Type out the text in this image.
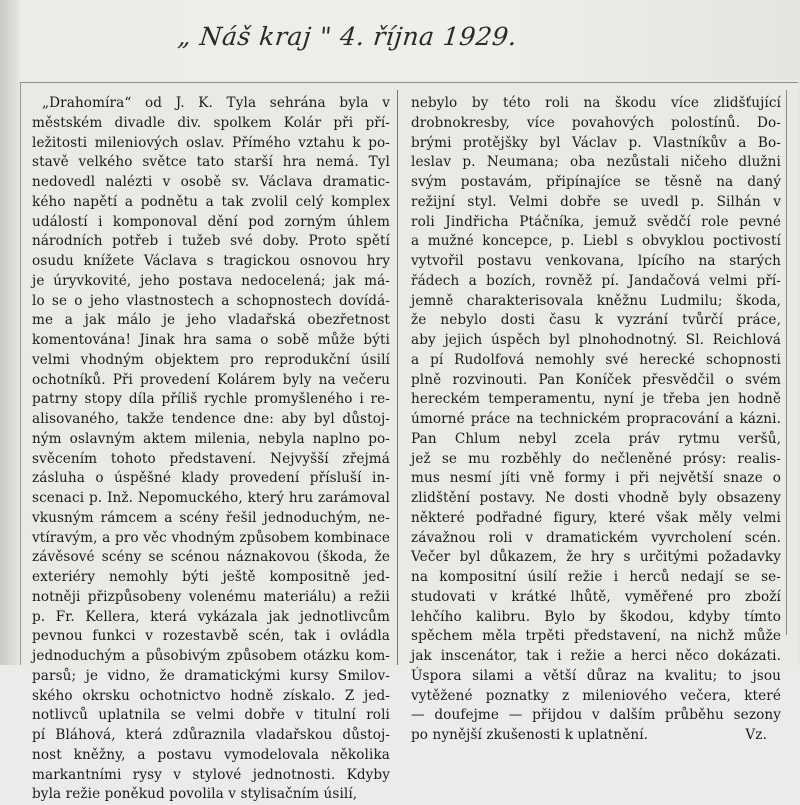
„ Náš kraj " 4. října 1929.
„Drahomíra“ od J. K. Tyla sehrána byla v
městském divadle div. spolkem Kolár při pří-
ležitosti mileniových oslav. Přímého vztahu k po-
stavě velkého světce tato starší hra nemá. Tyl
nedovedl nalézti v osobě sv. Václava dramatic-
kého napětí a podnětu a tak zvolil celý komplex
událostí i komponoval dění pod zorným úhlem
národních potřeb i tužeb své doby. Proto spětí
osudu knížete Václava s tragickou osnovou hry
je úryvkovité, jeho postava nedocelená; jak má-
lo se o jeho vlastnostech a schopnostech dovídá-
me a jak málo je jeho vladařská obezřetnost
komentována! Jinak hra sama o sobě může býti
velmi vhodným objektem pro reprodukční úsilí
ochotníků. Při provedení Kolárem byly na večeru
patrny stopy díla příliš rychle promyšleného i re-
alisovaného, takže tendence dne: aby byl důstoj-
ným oslavným aktem milenia, nebyla naplno po-
svěcením tohoto představení. Nejvyšší zřejmá
zásluha o úspěšné klady provedení přísluší in-
scenaci p. Inž. Nepomuckého, který hru zarámoval
vkusným rámcem a scény řešil jednoduchým, ne-
vtíravým, a pro věc vhodným způsobem kombinace
závěsové scény se scénou náznakovou (škoda, že
exteriéry nemohly býti ještě kompositně jed-
notněji přizpůsobeny volenému materiálu) a režii
p. Fr. Kellera, která vykázala jak jednotlivcům
pevnou funkci v rozestavbě scén, tak i ovládla
jednoduchým a působivým způsobem otázku kom-
parsů; je vidno, že dramatickými kursy Smilov-
ského okrsku ochotnictvo hodně získalo. Z jed-
notlivců uplatnila se velmi dobře v titulní roli
pí Bláhová, která zdůraznila vladařskou důstoj-
nost kněžny, a postavu vymodelovala několika
markantními rysy v stylové jednotnosti. Kdyby
byla režie poněkud povolila v stylisačním úsilí,
nebylo by této roli na škodu více zlidšťující
drobnokresby, více povahových polostínů. Do-
brými protějšky byl Václav p. Vlastníkův a Bo-
leslav p. Neumana; oba nezůstali ničeho dlužni
svým postavám, připínajíce se těsně na daný
režijní styl. Velmi dobře se uvedl p. Silhán v
roli Jindřicha Ptáčníka, jemuž svědčí role pevné
a mužné koncepce, p. Liebl s obvyklou poctivostí
vytvořil postavu venkovana, lpícího na starých
řádech a bozích, rovněž pí. Jandačová velmi pří-
jemně charakterisovala kněžnu Ludmilu; škoda,
že nebylo dosti času k vyzrání tvůrčí práce,
aby jejich úspěch byl plnohodnotný. Sl. Reichlová
a pí Rudolfová nemohly své herecké schopnosti
plně rozvinouti. Pan Koníček přesvědčil o svém
hereckém temperamentu, nyní je třeba jen hodně
úmorné práce na technickém propracování a kázni.
Pan Chlum nebyl zcela práv rytmu veršů,
jež se mu rozběhly do nečleněné prósy: realis-
mus nesmí jíti vně formy i při největší snaze o
zlidštění postavy. Ne dosti vhodně byly obsazeny
některé podřadné figury, které však měly velmi
závažnou roli v dramatickém vyvrcholení scén.
Večer byl důkazem, že hry s určitými požadavky
na kompositní úsilí režie i herců nedají se se-
studovati v krátké lhůtě, vyměřené pro zboží
lehčího kalibru. Bylo by škodou, kdyby tímto
spěchem měla trpěti představení, na nichž může
jak inscenátor, tak i režie a herci něco dokázati.
Úspora silami a větší důraz na kvalitu; to jsou
vytěžené poznatky z mileniového večera, které
— doufejme — přijdou v dalším průběhu sezony
po nynější zkušenosti k uplatnění.	Vz.
